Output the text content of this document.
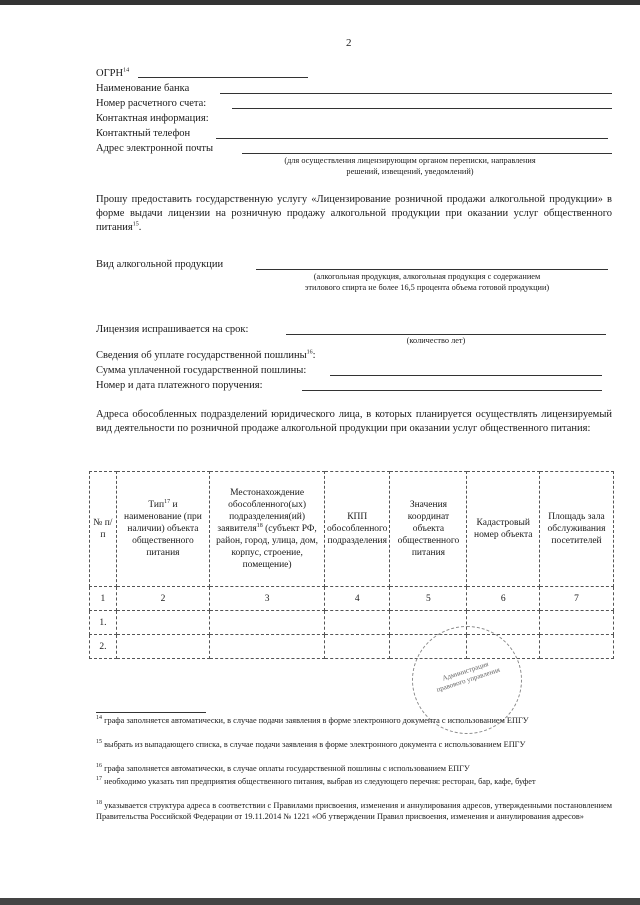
2
ОГРН$^{14}$
Наименование банка
Номер расчетного счета:
Контактная информация:
Контактный телефон
Адрес электронной почты
(для осуществления лицензирующим органом переписки, направления решений, извещений, уведомлений)
Прошу предоставить государственную услугу «Лицензирование розничной продажи алкогольной продукции» в форме выдачи лицензии на розничную продажу алкогольной продукции при оказании услуг общественного питания$^{15}$.
Вид алкогольной продукции
(алкогольная продукция, алкогольная продукция с содержанием этилового спирта не более 16,5 процента объема готовой продукции)
Лицензия испрашивается на срок:
(количество лет)
Сведения об уплате государственной пошлины$^{16}$:
Сумма уплаченной государственной пошлины:
Номер и дата платежного поручения:
Адреса обособленных подразделений юридического лица, в которых планируется осуществлять лицензируемый вид деятельности по розничной продаже алкогольной продукции при оказании услуг общественного питания:
№ п/п	Тип$^{17}$ и наименование (при наличии) объекта общественного питания	Местонахождение обособленного(ых) подразделения(ий) заявителя$^{18}$ (субъект РФ, район, город, улица, дом, корпус, строение, помещение)	КПП обособленного подразделения	Значения координат объекта общественного питания	Кадастровый номер объекта	Площадь зала обслуживания посетителей
1	2	3	4	5	6	7
1.						
2.						
Администрация правового управления
$^{14}$ графа заполняется автоматически, в случае подачи заявления в форме электронного документа с использованием ЕПГУ
$^{15}$ выбрать из выпадающего списка, в случае подачи заявления в форме электронного документа с использованием ЕПГУ
$^{16}$ графа заполняется автоматически, в случае оплаты государственной пошлины с использованием ЕПГУ
$^{17}$ необходимо указать тип предприятия общественного питания, выбрав из следующего перечня: ресторан, бар, кафе, буфет
$^{18}$ указывается структура адреса в соответствии с Правилами присвоения, изменения и аннулирования адресов, утвержденными постановлением Правительства Российской Федерации от 19.11.2014 № 1221 «Об утверждении Правил присвоения, изменения и аннулирования адресов»
